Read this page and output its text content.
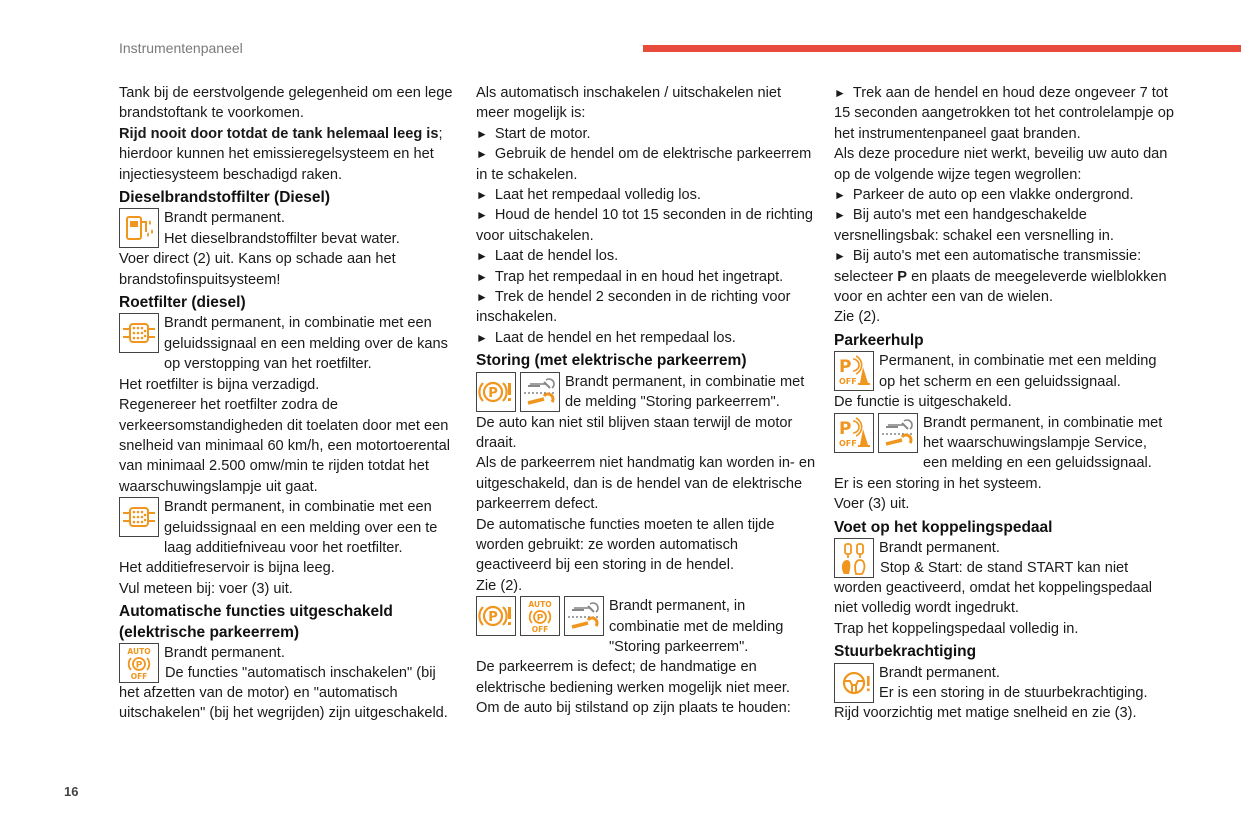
Instrumentenpaneel

Tank bij de eerstvolgende gelegenheid om een lege brandstoftank te voorkomen.

Rijd nooit door totdat de tank helemaal leeg is; hierdoor kunnen het emissieregelsysteem en het injectiesysteem beschadigd raken.

Dieselbrandstoffilter (Diesel)

Brandt permanent.

Het dieselbrandstoffilter bevat water.

Voer direct (2) uit. Kans op schade aan het brandstofinspuitsysteem!

Roetfilter (diesel)

Brandt permanent, in combinatie met een geluidssignaal en een melding over de kans op verstopping van het roetfilter.

Het roetfilter is bijna verzadigd.

Regenereer het roetfilter zodra de verkeersomstandigheden dit toelaten door met een snelheid van minimaal 60 km/h, een motortoerental van minimaal 2.500 omw/min te rijden totdat het waarschuwingslampje uit gaat.

Brandt permanent, in combinatie met een geluidssignaal en een melding over een te laag additiefniveau voor het roetfilter.

Het additiefreservoir is bijna leeg.

Vul meteen bij: voer (3) uit.

Automatische functies uitgeschakeld (elektrische parkeerrem)
AUTO
P
OFF

Brandt permanent.

De functies "automatisch inschakelen" (bij het afzetten van de motor) en "automatisch uitschakelen" (bij het wegrijden) zijn uitgeschakeld.

Als automatisch inschakelen / uitschakelen niet meer mogelijk is:

► Start de motor.

► Gebruik de hendel om de elektrische parkeerrem in te schakelen.

► Laat het rempedaal volledig los.

► Houd de hendel 10 tot 15 seconden in de richting voor uitschakelen.

► Laat de hendel los.

► Trap het rempedaal in en houd het ingetrapt.

► Trek de hendel 2 seconden in de richting voor inschakelen.

► Laat de hendel en het rempedaal los.

Storing (met elektrische parkeerrem)

Brandt permanent, in combinatie met de melding "Storing parkeerrem".

De auto kan niet stil blijven staan terwijl de motor draait.

Als de parkeerrem niet handmatig kan worden in- en uitgeschakeld, dan is de hendel van de elektrische parkeerrem defect.

De automatische functies moeten te allen tijde worden gebruikt: ze worden automatisch geactiveerd bij een storing in de hendel.

Zie (2).

AUTO
P
OFF

Brandt permanent, in combinatie met de melding "Storing parkeerrem".

De parkeerrem is defect; de handmatige en elektrische bediening werken mogelijk niet meer.

Om de auto bij stilstand op zijn plaats te houden:

► Trek aan de hendel en houd deze ongeveer 7 tot 15 seconden aangetrokken tot het controlelampje op het instrumentenpaneel gaat branden.

Als deze procedure niet werkt, beveilig uw auto dan op de volgende wijze tegen wegrollen:

► Parkeer de auto op een vlakke ondergrond.

► Bij auto's met een handgeschakelde versnellingsbak: schakel een versnelling in.

► Bij auto's met een automatische transmissie: selecteer P en plaats de meegeleverde wielblokken voor en achter een van de wielen.

Zie (2).

Parkeerhulp

Permanent, in combinatie met een melding op het scherm en een geluidssignaal.

De functie is uitgeschakeld.

Brandt permanent, in combinatie met het waarschuwingslampje Service, een melding en een geluidssignaal.

Er is een storing in het systeem.

Voer (3) uit.

Voet op het koppelingspedaal

Brandt permanent.

Stop & Start: de stand START kan niet worden geactiveerd, omdat het koppelingspedaal niet volledig wordt ingedrukt.

Trap het koppelingspedaal volledig in.

Stuurbekrachtiging

Brandt permanent.

Er is een storing in de stuurbekrachtiging.

Rijd voorzichtig met matige snelheid en zie (3).

16
